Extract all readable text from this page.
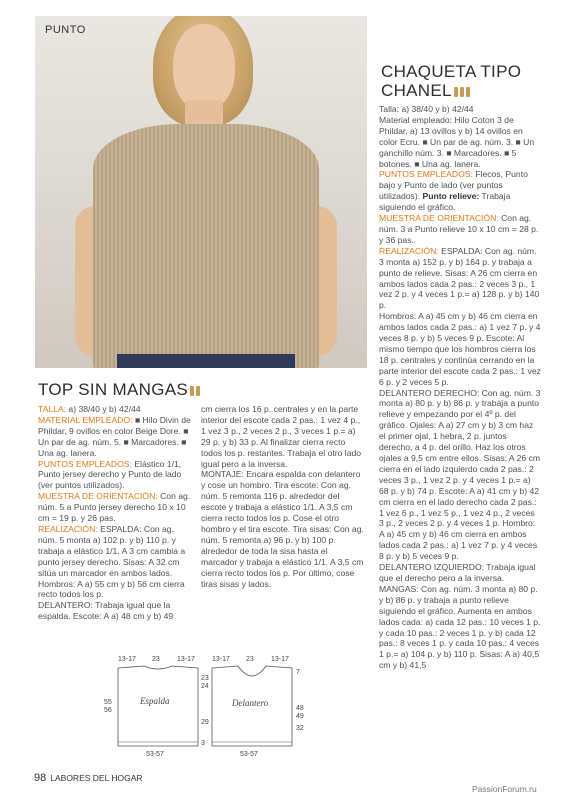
PUNTO
CHAQUETA TIPO
CHANEL

Talla: a) 38/40 y b) 42/44

Material empleado: Hilo Coton 3 de Phildar, a) 13 ovillos y b) 14 ovillos en color Ecru. ■ Un par de ag. núm. 3. ■ Un ganchillo núm. 3. ■ Marcadores. ■ 5 botones. ■ Una ag. lanera.

PUNTOS EMPLEADOS: Flecos, Punto bajo y Punto de lado (ver puntos utilizados). Punto relieve: Trabaja siguiendo el gráfico.

MUESTRA DE ORIENTACIÓN: Con ag. núm. 3 a Punto relieve 10 x 10 cm = 28 p. y 36 pas.

REALIZACIÓN: ESPALDA: Con ag. núm. 3 monta a) 152 p. y b) 164 p. y trabaja a punto de relieve. Sisas: A 26 cm cierra en ambos lados cada 2 pas.: 2 veces 3 p., 1 vez 2 p. y 4 veces 1 p.= a) 128 p. y b) 140 p.

Hombros: A a) 45 cm y b) 46 cm cierra en ambos lados cada 2 pas.: a) 1 vez 7 p. y 4 veces 8 p. y b) 5 veces 9 p. Escote: Al mismo tiempo que los hombros cierra los 18 p. centrales y continúa cerrando en la parte interior del escote cada 2 pas.: 1 vez 6 p. y 2 veces 5 p.

DELANTERO DERECHO: Con ag. núm. 3 monta a) 80 p. y b) 86 p. y trabaja a punto relieve y empezando por el 4º p. del gráfico. Ojales: A a) 27 cm y b) 3 cm haz el primer ojal, 1 hebra, 2 p. juntos derecho, a 4 p. del orillo. Haz los otros ojales a 9,5 cm entre ellos. Sisas: A 26 cm cierra en el lado izquierdo cada 2 pas.: 2 veces 3 p., 1 vez 2 p. y 4 veces 1 p.= a) 68 p. y b) 74 p. Escote: A a) 41 cm y b) 42 cm cierra en el lado derecho cada 2 pas.: 1 vez 6 p., 1 vez 5 p., 1 vez 4 p., 2 veces 3 p., 2 veces 2 p. y 4 veces 1 p. Hombro: A a) 45 cm y b) 46 cm cierra en ambos lados cada 2 pas.: a) 1 vez 7 p. y 4 veces 8 p. y b) 5 veces 9 p.

DELANTERO IZQUIERDO: Trabaja igual que el derecho pero a la inversa.

MANGAS: Con ag. núm. 3 monta a) 80 p. y b) 86 p. y trabaja a punto relieve siguiendo el gráfico. Aumenta en ambos lados cada: a) cada 12 pas.: 10 veces 1 p. y cada 10 pas.: 2 veces 1 p. y b) cada 12 pas.: 8 veces 1 p. y cada 10 pas.: 4 veces 1 p.= a) 104 p. y b) 110 p. Sisas: A a) 40,5 cm y b) 41,5

TOP SIN MANGAS

TALLA: a) 38/40 y b) 42/44

MATERIAL EMPLEADO: ■ Hilo Divin de Phildar, 9 ovillos en color Beige Dore. ■ Un par de ag. núm. 5. ■ Marcadores. ■ Una ag. lanera.

PUNTOS EMPLEADOS: Elástico 1/1, Punto jersey derecho y Punto de lado (ver puntos utilizados).

MUESTRA DE ORIENTACIÓN: Con ag. núm. 5 a Punto jersey derecho 10 x 10 cm = 19 p. y 26 pas.

REALIZACIÓN: ESPALDA: Con ag. núm. 5 monta a) 102 p. y b) 110 p. y trabaja a elástico 1/1. A 3 cm cambia a punto jersey derecho. Sisas: A 32 cm sitúa un marcador en ambos lados. Hombros: A a) 55 cm y b) 56 cm cierra recto todos los p.

DELANTERO: Trabaja igual que la espalda. Escote: A a) 48 cm y b) 49

cm cierra los 16 p. centrales y en la parte interior del escote cada 2 pas.: 1 vez 4 p., 1 vez 3 p., 2 veces 2 p., 3 veces 1 p.= a) 29 p. y b) 33 p. Al finalizar cierra recto todos los p. restantes. Trabaja el otro lado igual pero a la inversa.

MONTAJE: Encara espalda con delantero y cose un hombro. Tira escote: Con ag. núm. 5 remonta 116 p. alrededor del escote y trabaja a elástico 1/1. A 3,5 cm cierra recto todos los p. Cose el otro hombro y el tira escote. Tira sisas: Con ag. núm. 5 remonta a) 96 p. y b) 100 p. alrededor de toda la sisa hasta el marcador y trabaja a elástico 1/1. A 3,5 cm cierra recto todos los p. Por último, cose tiras sisas y lados.

Espalda
13-17 23 13-17
55
56
23
24
29
3
53-57
Delantero
13-17 23 13-17
7
48
49
32
53-57
98 LABORES DEL HOGAR
PassionForum.ru
